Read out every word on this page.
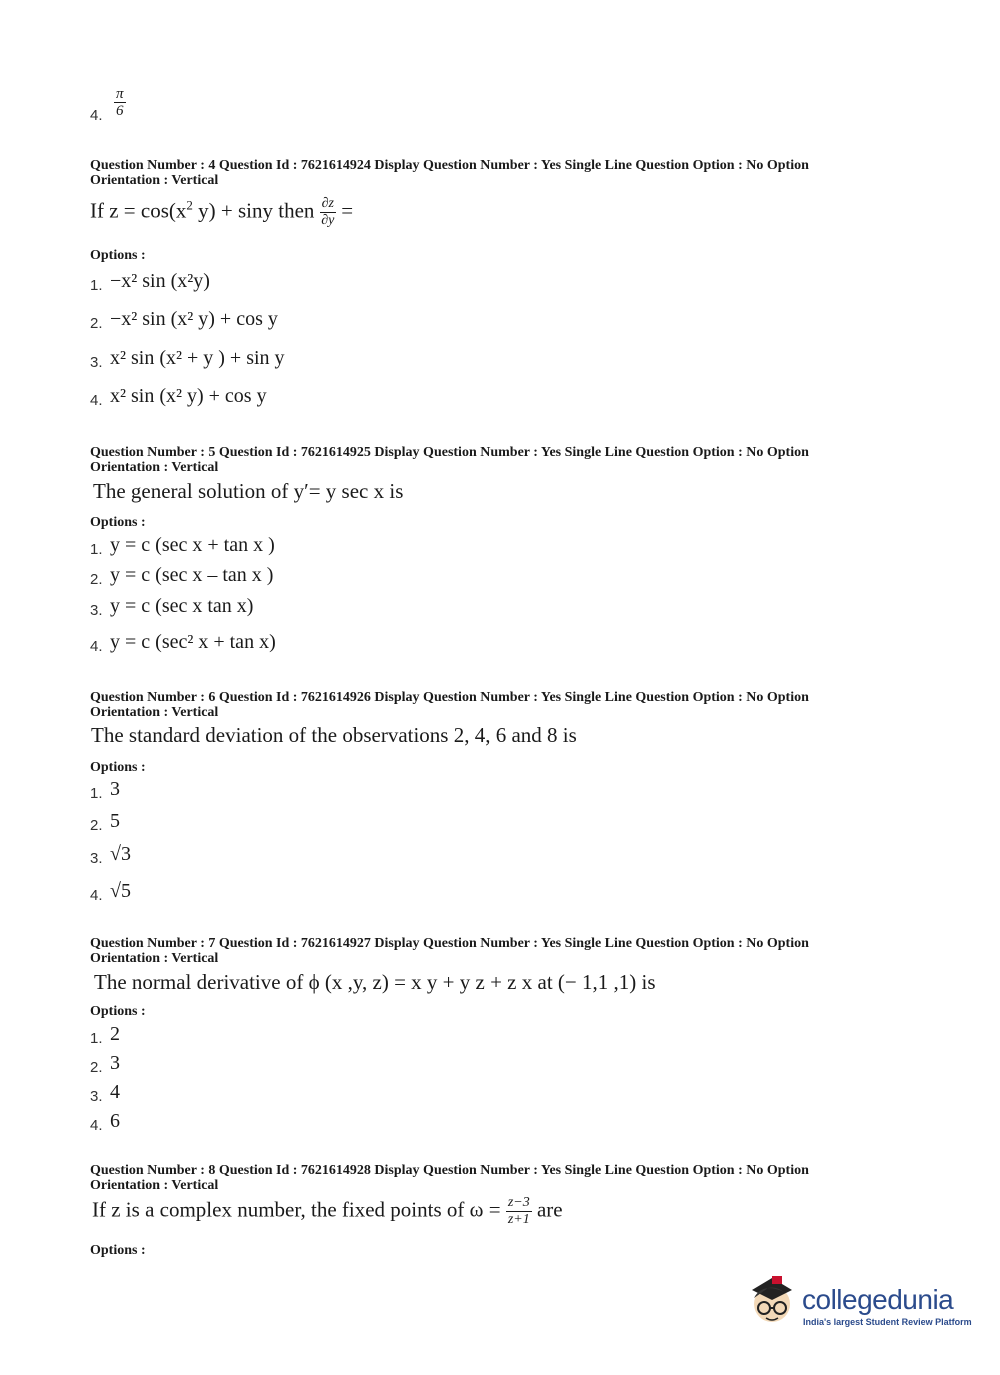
4. $\frac{\pi}{6}$
Question Number : 4 Question Id : 7621614924 Display Question Number : Yes Single Line Question Option : No Option Orientation : Vertical
If $z = \cos(x^2$ y) + siny then $\frac{\partial z}{\partial y}$ =
Options :
1. −x² sin (x²y)
2. −x² sin (x² y) + cos y
3. x² sin (x² + y ) + sin y
4. x² sin (x² y) + cos y
Question Number : 5 Question Id : 7621614925 Display Question Number : Yes Single Line Question Option : No Option Orientation : Vertical
The general solution of y′= y sec x is
Options :
1. y = c (sec x + tan x )
2. y = c (sec x – tan x )
3. y = c (sec x tan x)
4. y = c (sec² x + tan x)
Question Number : 6 Question Id : 7621614926 Display Question Number : Yes Single Line Question Option : No Option Orientation : Vertical
The standard deviation of the observations 2, 4, 6 and 8 is
Options :
1. 3
2. 5
3. √3
4. √5
Question Number : 7 Question Id : 7621614927 Display Question Number : Yes Single Line Question Option : No Option Orientation : Vertical
The normal derivative of ϕ (x ,y, z) = x y + y z + z x at (− 1,1 ,1) is
Options :
1. 2
2. 3
3. 4
4. 6
Question Number : 8 Question Id : 7621614928 Display Question Number : Yes Single Line Question Option : No Option Orientation : Vertical
If z is a complex number, the fixed points of $\omega = \frac{z-3}{z+1}$ are
Options :
collegedunia
India's largest Student Review Platform
